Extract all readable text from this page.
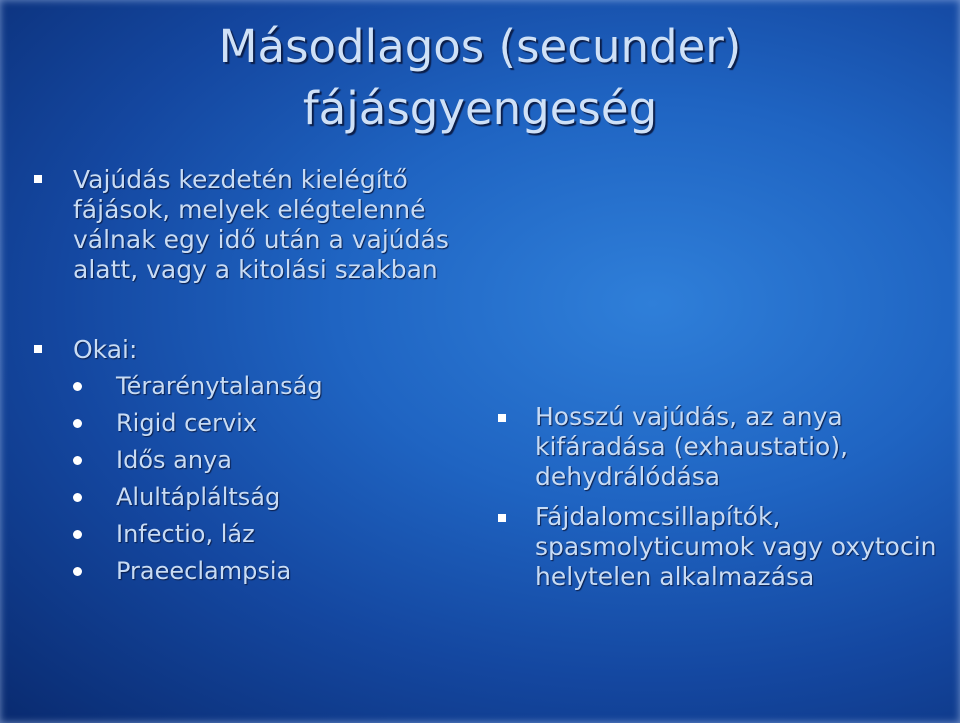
Másodlagos (secunder)
fájásgyengeség
Vajúdás kezdetén kielégítő fájások, melyek elégtelenné válnak egy idő után a vajúdás alatt, vagy a kitolási szakban
Okai:
Térarénytalanság
Rigid cervix
Idős anya
Alultápláltság
Infectio, láz
Praeeclampsia
Hosszú vajúdás, az anya kifáradása (exhaustatio), dehydrálódása
Fájdalomcsillapítók, spasmolyticumok vagy oxytocin helytelen alkalmazása
